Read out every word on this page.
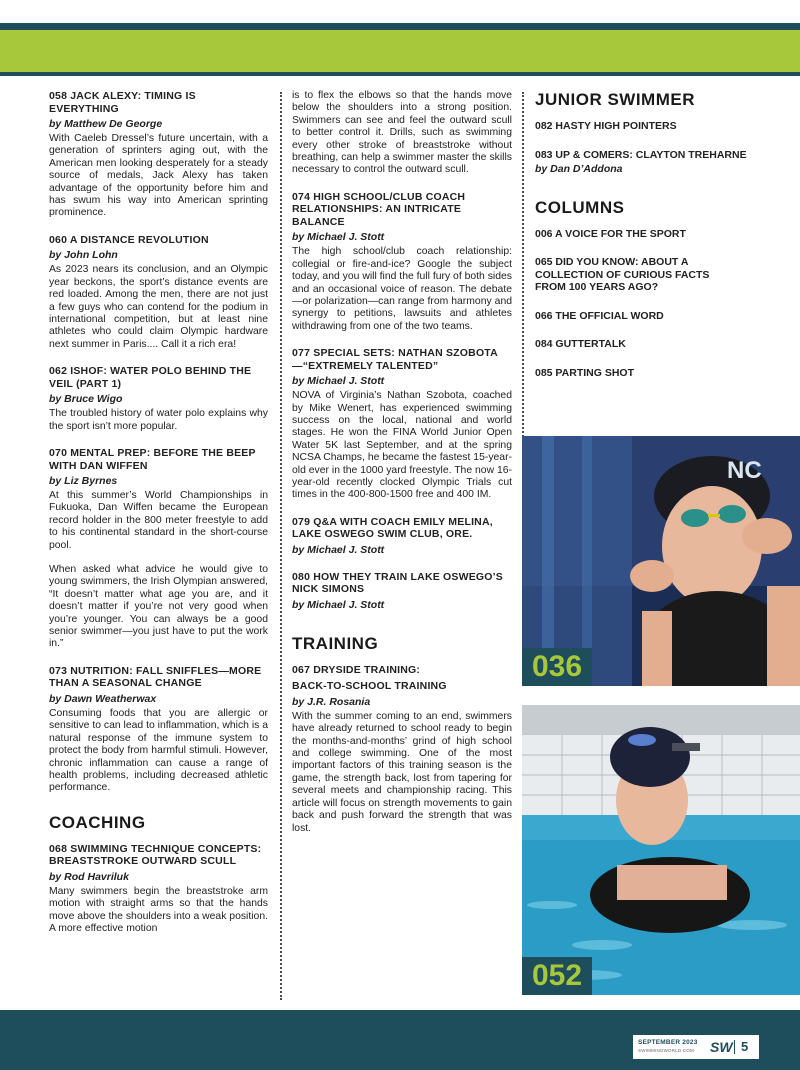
058 JACK ALEXY: TIMING IS EVERYTHING
by Matthew De George
With Caeleb Dressel’s future uncertain, with a generation of sprinters aging out, with the American men looking desperately for a steady source of medals, Jack Alexy has taken advantage of the opportunity before him and has swum his way into American sprinting prominence.
060 A DISTANCE REVOLUTION
by John Lohn
As 2023 nears its conclusion, and an Olympic year beckons, the sport’s distance events are red loaded. Among the men, there are not just a few guys who can contend for the podium in international competition, but at least nine athletes who could claim Olympic hardware next summer in Paris.... Call it a rich era!
062 ISHOF: WATER POLO BEHIND THE VEIL (PART 1)
by Bruce Wigo
The troubled history of water polo explains why the sport isn’t more popular.
070 MENTAL PREP: BEFORE THE BEEP WITH DAN WIFFEN
by Liz Byrnes
At this summer’s World Championships in Fukuoka, Dan Wiffen became the European record holder in the 800 meter freestyle to add to his continental standard in the short-course pool.
When asked what advice he would give to young swimmers, the Irish Olympian answered, “It doesn’t matter what age you are, and it doesn’t matter if you’re not very good when you’re younger. You can always be a good senior swimmer—you just have to put the work in.”
073 NUTRITION: FALL SNIFFLES—MORE THAN A SEASONAL CHANGE
by Dawn Weatherwax
Consuming foods that you are allergic or sensitive to can lead to inflammation, which is a natural response of the immune system to protect the body from harmful stimuli. However, chronic inflammation can cause a range of health problems, including decreased athletic performance.
COACHING
068 SWIMMING TECHNIQUE CONCEPTS: BREASTSTROKE OUTWARD SCULL
by Rod Havriluk
Many swimmers begin the breaststroke arm motion with straight arms so that the hands move above the shoulders into a weak position. A more effective motion
is to flex the elbows so that the hands move below the shoulders into a strong position. Swimmers can see and feel the outward scull to better control it. Drills, such as swimming every other stroke of breaststroke without breathing, can help a swimmer master the skills necessary to control the outward scull.
074 HIGH SCHOOL/CLUB COACH RELATIONSHIPS: AN INTRICATE BALANCE
by Michael J. Stott
The high school/club coach relationship: collegial or fire-and-ice? Google the subject today, and you will find the full fury of both sides and an occasional voice of reason. The debate—or polarization—can range from harmony and synergy to petitions, lawsuits and athletes withdrawing from one of the two teams.
077 SPECIAL SETS: NATHAN SZOBOTA—“EXTREMELY TALENTED”
by Michael J. Stott
NOVA of Virginia’s Nathan Szobota, coached by Mike Wenert, has experienced swimming success on the local, national and world stages. He won the FINA World Junior Open Water 5K last September, and at the spring NCSA Champs, he became the fastest 15-year-old ever in the 1000 yard freestyle. The now 16-year-old recently clocked Olympic Trials cut times in the 400-800-1500 free and 400 IM.
079 Q&A WITH COACH EMILY MELINA, LAKE OSWEGO SWIM CLUB, ORE.
by Michael J. Stott
080 HOW THEY TRAIN LAKE OSWEGO’S NICK SIMONS
by Michael J. Stott
TRAINING
067 DRYSIDE TRAINING:
BACK-TO-SCHOOL TRAINING
by J.R. Rosania
With the summer coming to an end, swimmers have already returned to school ready to begin the months-and-months’ grind of high school and college swimming. One of the most important factors of this training season is the game, the strength back, lost from tapering for several meets and championship racing. This article will focus on strength movements to gain back and push forward the strength that was lost.
JUNIOR SWIMMER
082 HASTY HIGH POINTERS
083 UP & COMERS: CLAYTON TREHARNE
by Dan D’Addona
COLUMNS
006 A VOICE FOR THE SPORT
065 DID YOU KNOW: ABOUT A COLLECTION OF CURIOUS FACTS FROM 100 YEARS AGO?
066 THE OFFICIAL WORD
084 GUTTERTALK
085 PARTING SHOT
NC
036
052
SEPTEMBER 2023
SWIMMINGWORLD.COM SW 5
